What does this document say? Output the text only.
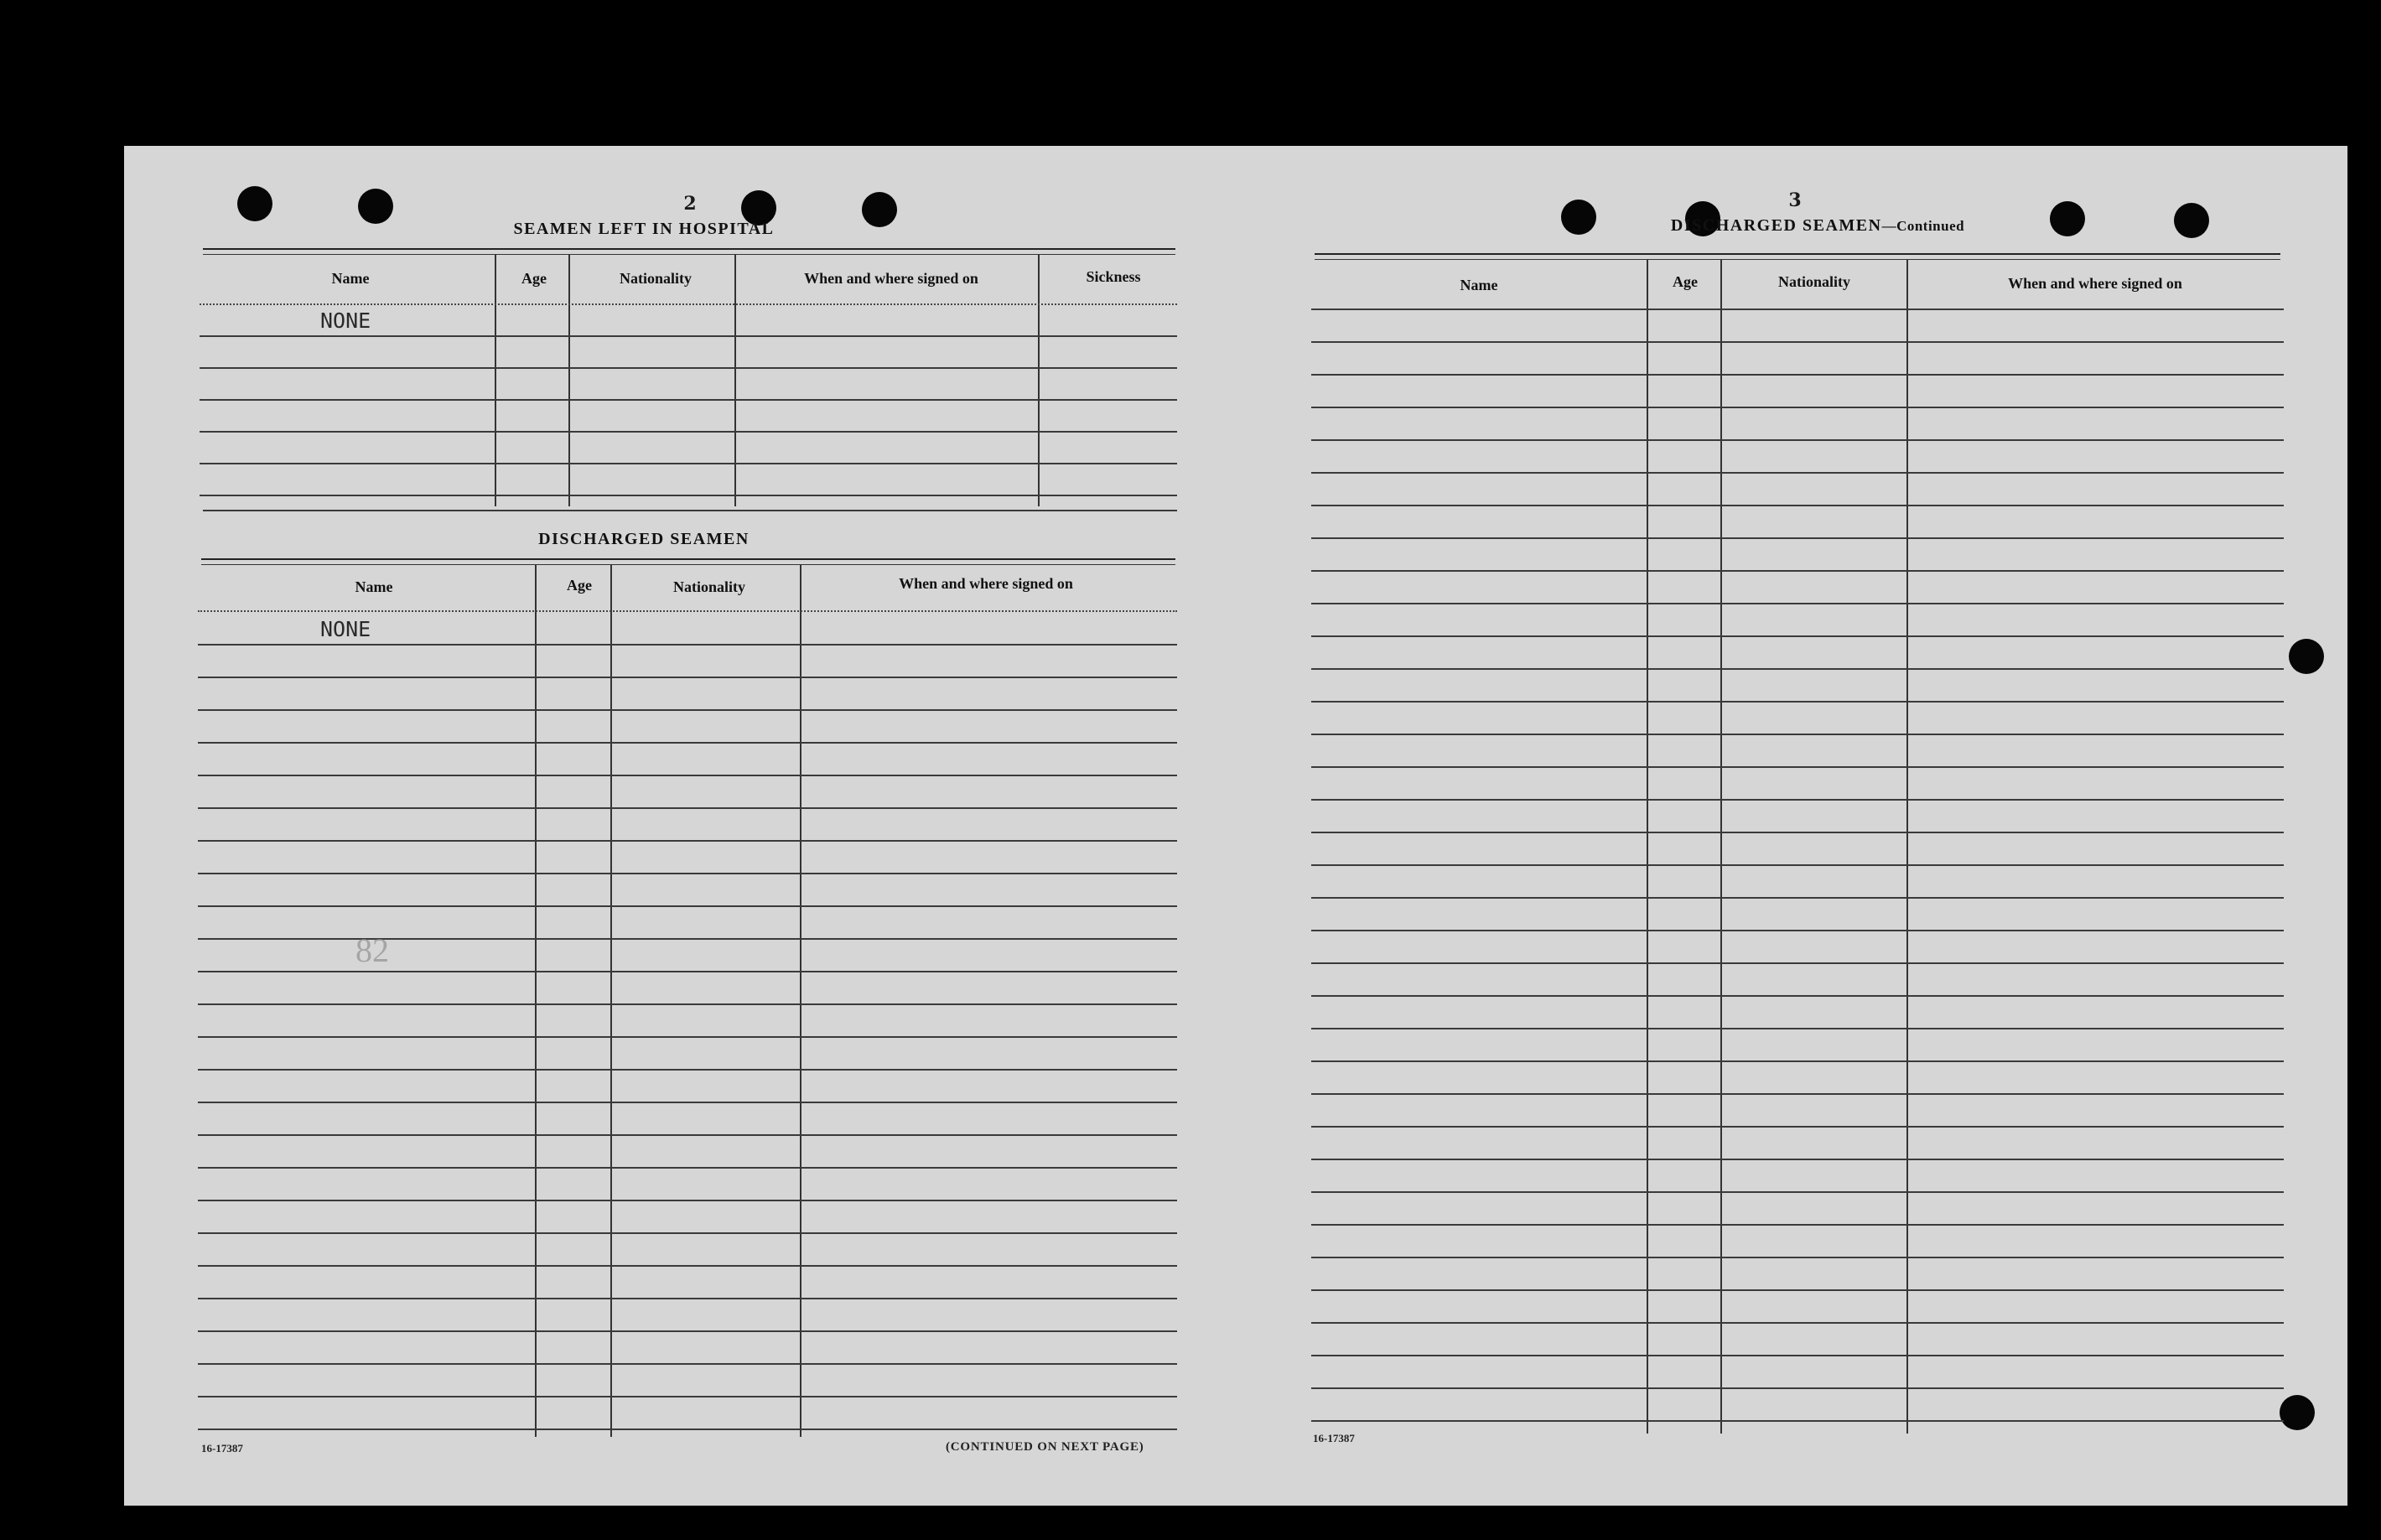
2
SEAMEN LEFT IN HOSPITAL
Name	Age	Nationality	When and where signed on	Sickness
NONE
DISCHARGED SEAMEN
Name	Age	Nationality	When and where signed on
NONE
82
16-17387	(CONTINUED ON NEXT PAGE)
3
DISCHARGED SEAMEN—Continued
Name	Age	Nationality	When and where signed on
16-17387
